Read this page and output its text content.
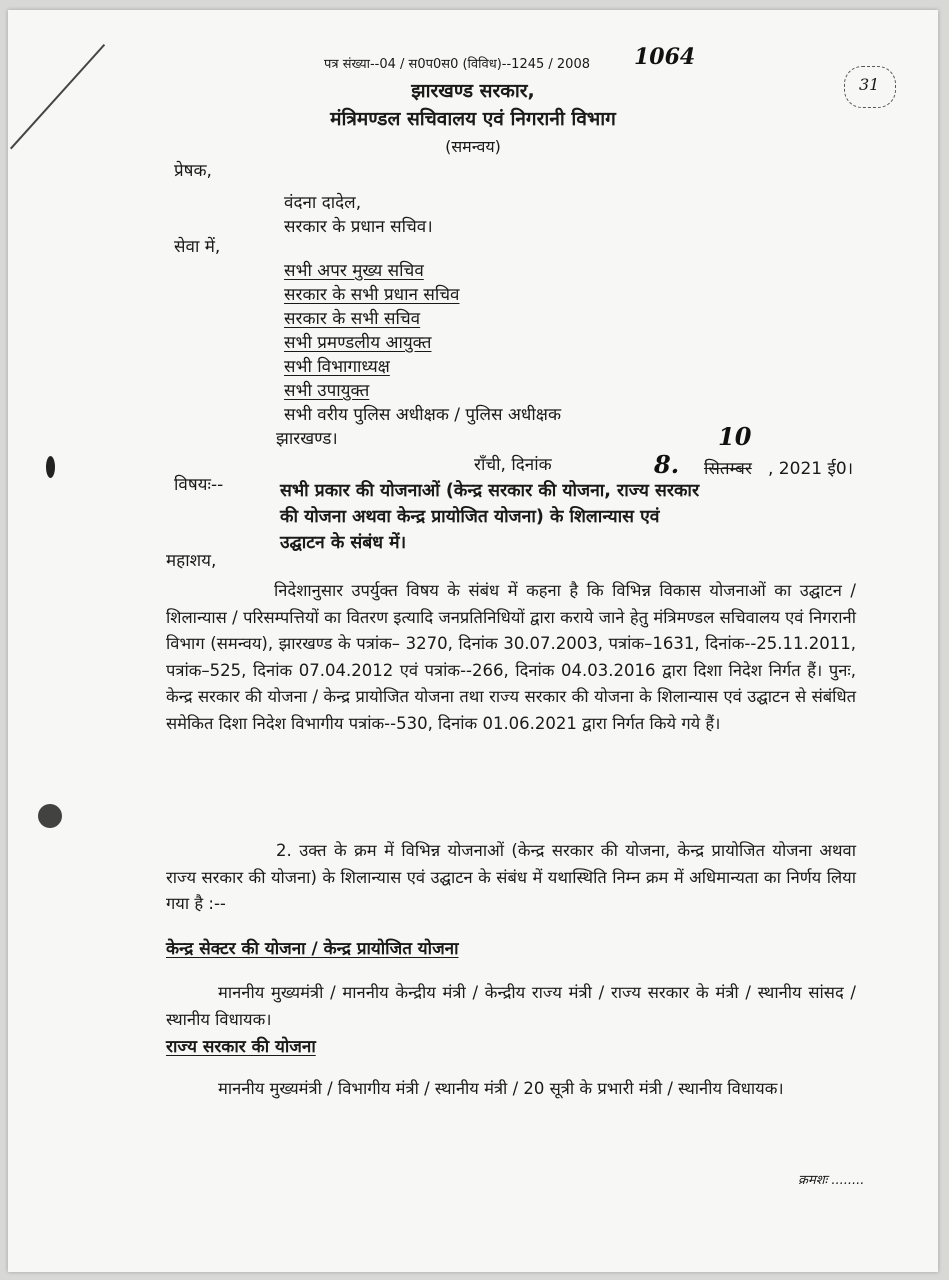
पत्र संख्या--04 / स0प0स0 (विविध)--1245 / 2008 1064
31
झारखण्ड सरकार,
मंत्रिमण्डल सचिवालय एवं निगरानी विभाग
(समन्वय)
प्रेषक,
वंदना दादेल,
सरकार के प्रधान सचिव।
सेवा में,
सभी अपर मुख्य सचिव
सरकार के सभी प्रधान सचिव
सरकार के सभी सचिव
सभी प्रमण्डलीय आयुक्त
सभी विभागाध्यक्ष
सभी उपायुक्त
सभी वरीय पुलिस अधीक्षक / पुलिस अधीक्षक
झारखण्ड।
राँची, दिनांक	8.
10
सितम्बर , 2021 ई0।
विषयः--	सभी प्रकार की योजनाओं (केन्द्र सरकार की योजना, राज्य सरकार
की योजना अथवा केन्द्र प्रायोजित योजना) के शिलान्यास एवं
उद्घाटन के संबंध में।
महाशय,
निदेशानुसार उपर्युक्त विषय के संबंध में कहना है कि विभिन्न विकास योजनाओं का उद्घाटन / शिलान्यास / परिसम्पत्तियों का वितरण इत्यादि जनप्रतिनिधियों द्वारा कराये जाने हेतु मंत्रिमण्डल सचिवालय एवं निगरानी विभाग (समन्वय), झारखण्ड के पत्रांक– 3270, दिनांक 30.07.2003, पत्रांक–1631, दिनांक--25.11.2011, पत्रांक–525, दिनांक 07.04.2012 एवं पत्रांक--266, दिनांक 04.03.2016 द्वारा दिशा निदेश निर्गत हैं। पुनः, केन्द्र सरकार की योजना / केन्द्र प्रायोजित योजना तथा राज्य सरकार की योजना के शिलान्यास एवं उद्घाटन से संबंधित समेकित दिशा निदेश विभागीय पत्रांक--530, दिनांक 01.06.2021 द्वारा निर्गत किये गये हैं।
2. उक्त के क्रम में विभिन्न योजनाओं (केन्द्र सरकार की योजना, केन्द्र प्रायोजित योजना अथवा राज्य सरकार की योजना) के शिलान्यास एवं उद्घाटन के संबंध में यथास्थिति निम्न क्रम में अधिमान्यता का निर्णय लिया गया है :--
केन्द्र सेक्टर की योजना / केन्द्र प्रायोजित योजना
माननीय मुख्यमंत्री / माननीय केन्द्रीय मंत्री / केन्द्रीय राज्य मंत्री / राज्य सरकार के मंत्री / स्थानीय सांसद / स्थानीय विधायक।
राज्य सरकार की योजना
माननीय मुख्यमंत्री / विभागीय मंत्री / स्थानीय मंत्री / 20 सूत्री के प्रभारी मंत्री / स्थानीय विधायक।
क्रमशः ........
